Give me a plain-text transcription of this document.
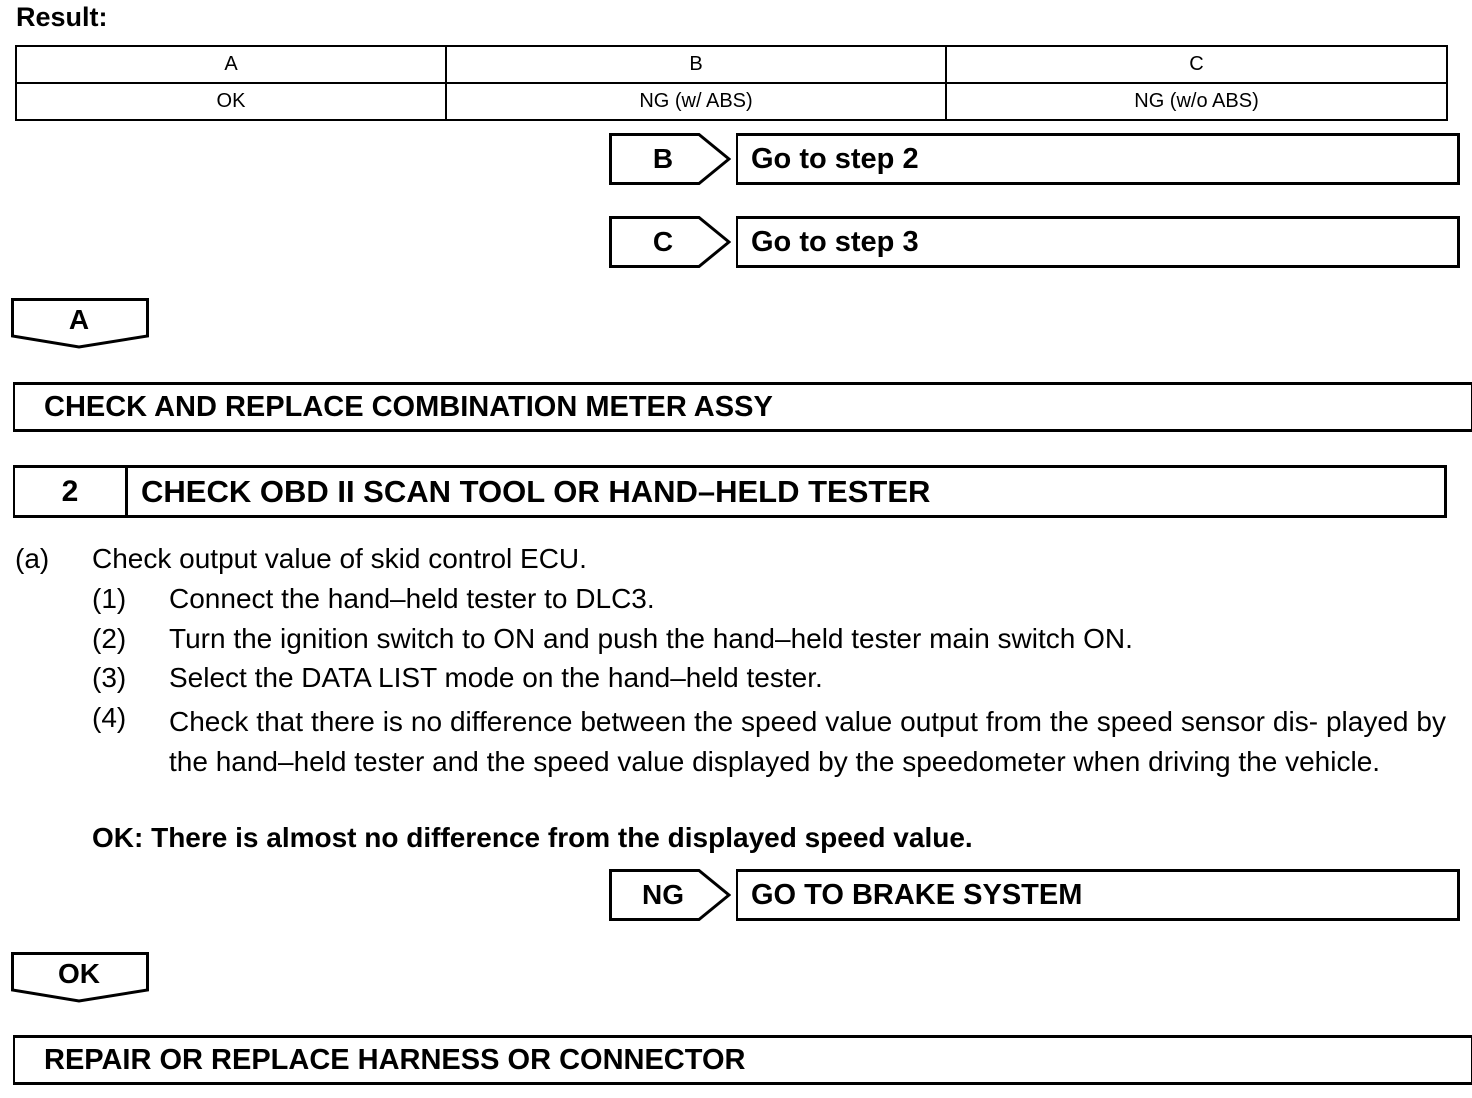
Result:
A	B	C
OK	NG (w/ ABS)	NG (w/o ABS)
B	Go to step 2
C	Go to step 3
A
CHECK AND REPLACE COMBINATION METER ASSY
2	CHECK OBD II SCAN TOOL OR HAND–HELD TESTER
(a) Check output value of skid control ECU.
(1) Connect the hand–held tester to DLC3.
(2) Turn the ignition switch to ON and push the hand–held tester main switch ON.
(3) Select the DATA LIST mode on the hand–held tester.
(4) Check that there is no difference between the speed value output from the speed sensor dis- played by the hand–held tester and the speed value displayed by the speedometer when driving the vehicle.
OK: There is almost no difference from the displayed speed value.
NG	GO TO BRAKE SYSTEM
OK
REPAIR OR REPLACE HARNESS OR CONNECTOR
